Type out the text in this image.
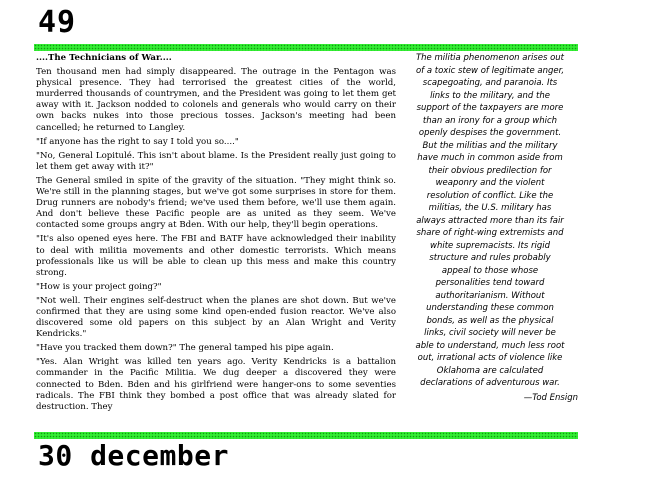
49

....The Technicians of War....

Ten thousand men had simply disappeared. The outrage in the Pentagon was physical presence. They had terrorised the greatest cities of the world, murderred thousands of countrymen, and the President was going to let them get away with it. Jackson nodded to colonels and generals who would carry on their own backs nukes into those precious tosses. Jackson's meeting had been cancelled; he returned to Langley.

"If anyone has the right to say I told you so...."

"No, General Lopitulé. This isn't about blame. Is the President really just going to let them get away with it?"

The General smiled in spite of the gravity of the situation. "They might think so. We're still in the planning stages, but we've got some surprises in store for them. Drug runners are nobody's friend; we've used them before, we'll use them again. And don't believe these Pacific people are as united as they seem. We've contacted some groups angry at Bden. With our help, they'll begin operations.

"It's also opened eyes here. The FBI and BATF have acknowledged their inability to deal with militia movements and other domestic terrorists. Which means professionals like us will be able to clean up this mess and make this country strong.

"How is your project going?"

"Not well. Their engines self-destruct when the planes are shot down. But we've confirmed that they are using some kind open-ended fusion reactor. We've also discovered some old papers on this subject by an Alan Wright and Verity Kendricks."

"Have you tracked them down?" The general tamped his pipe again.

"Yes. Alan Wright was killed ten years ago. Verity Kendricks is a battalion commander in the Pacific Militia. We dug deeper a discovered they were connected to Bden. Bden and his girlfriend were hanger-ons to some seventies radicals. The FBI think they bombed a post office that was already slated for destruction. They

The militia phenomenon arises out
of a toxic stew of legitimate anger,
scapegoating, and paranoia. Its
links to the military, and the
support of the taxpayers are more
than an irony for a group which
openly despises the government.
But the militias and the military
have much in common aside from
their obvious predilection for
weaponry and the violent
resolution of conflict. Like the
militias, the U.S. military has
always attracted more than its fair
share of right-wing extremists and
white supremacists. Its rigid
structure and rules probably
appeal to those whose
personalities tend toward
authoritarianism. Without
understanding these common
bonds, as well as the physical
links, civil society will never be
able to understand, much less root
out, irrational acts of violence like
Oklahoma are calculated
declarations of adventurous war.
—Tod Ensign
30 december
